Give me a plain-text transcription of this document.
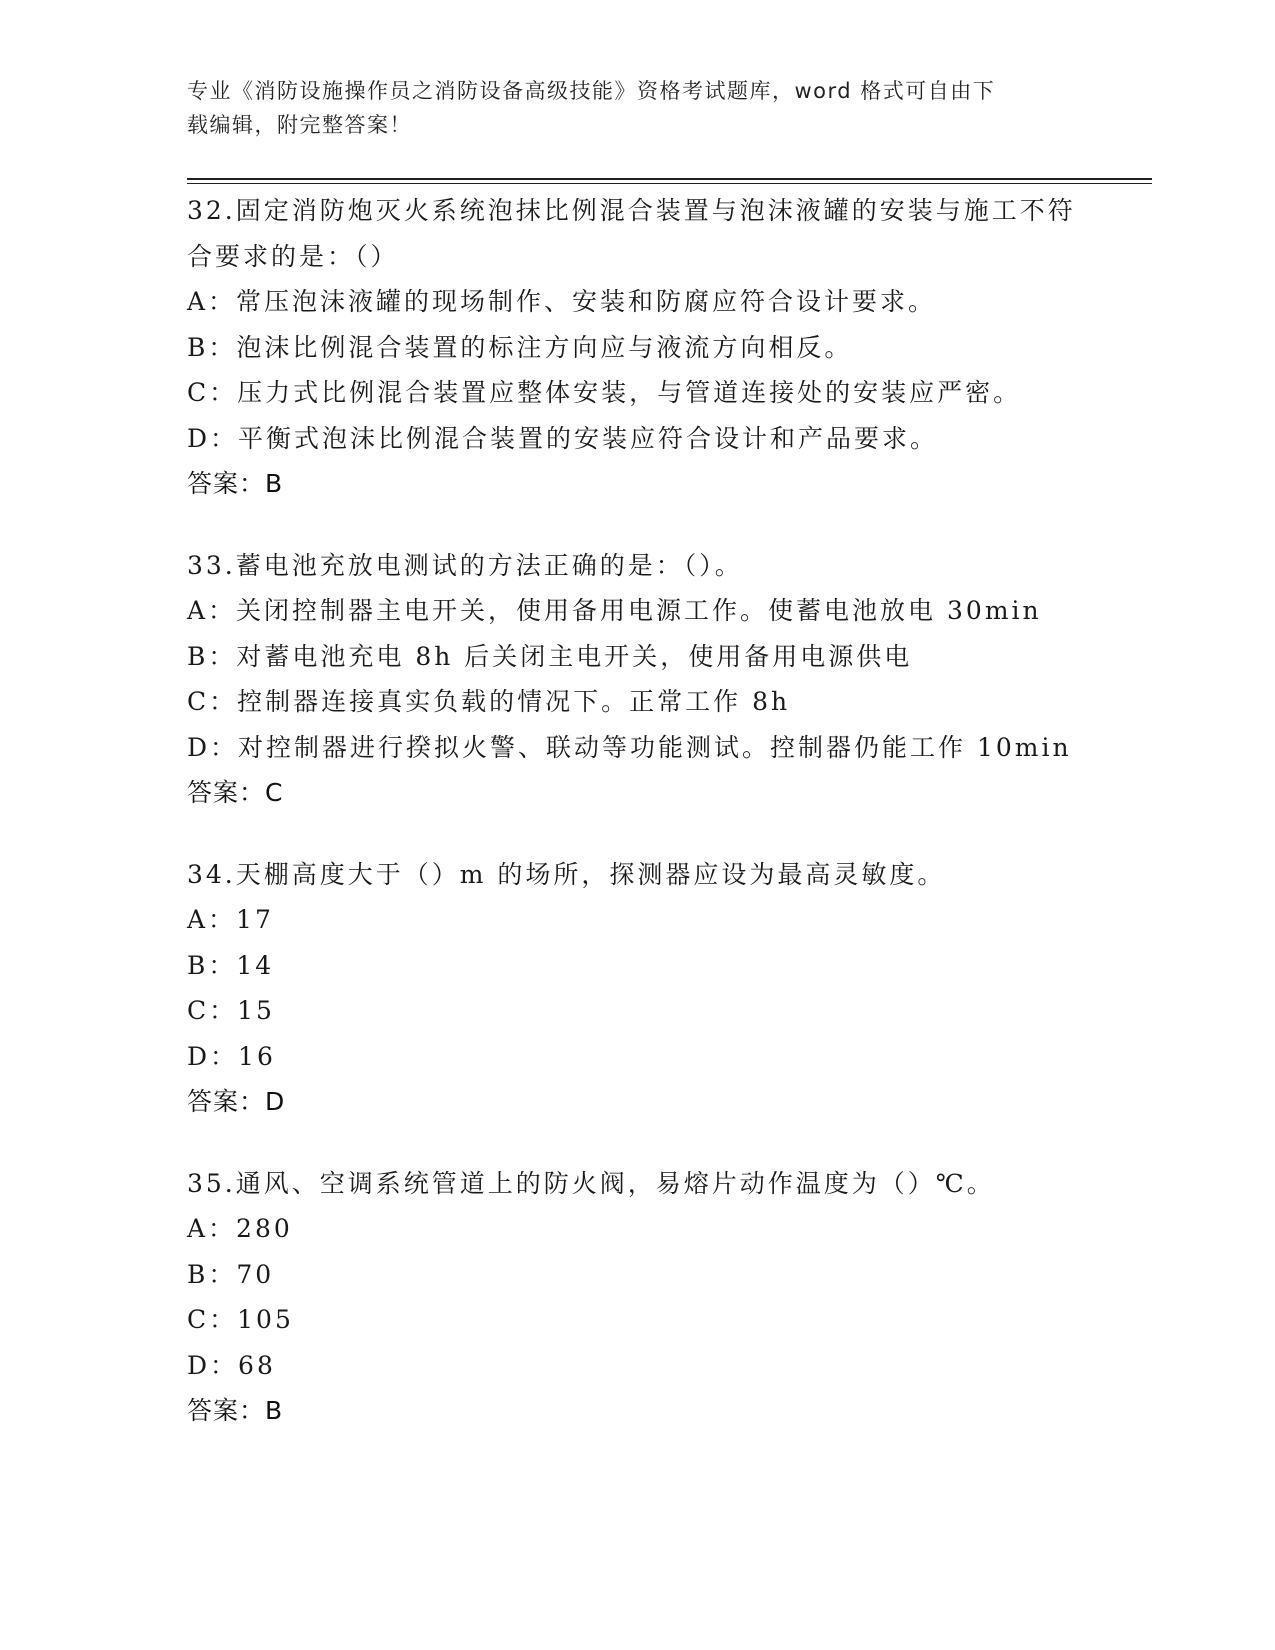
专业《消防设施操作员之消防设备高级技能》资格考试题库，word 格式可自由下
载编辑，附完整答案！
32.固定消防炮灭火系统泡抹比例混合装置与泡沫液罐的安装与施工不符合要求的是：（）
A：常压泡沫液罐的现场制作、安装和防腐应符合设计要求。
B：泡沫比例混合装置的标注方向应与液流方向相反。
C：压力式比例混合装置应整体安装，与管道连接处的安装应严密。
D：平衡式泡沫比例混合装置的安装应符合设计和产品要求。
答案：B
33.蓄电池充放电测试的方法正确的是：（）。
A：关闭控制器主电开关，使用备用电源工作。使蓄电池放电 30min
B：对蓄电池充电 8h 后关闭主电开关，使用备用电源供电
C：控制器连接真实负载的情况下。正常工作 8h
D：对控制器进行揆拟火警、联动等功能测试。控制器仍能工作 10min
答案：C
34.天棚高度大于（）m 的场所，探测器应设为最高灵敏度。
A：17
B：14
C：15
D：16
答案：D
35.通风、空调系统管道上的防火阀，易熔片动作温度为（）℃。
A：280
B：70
C：105
D：68
答案：B
